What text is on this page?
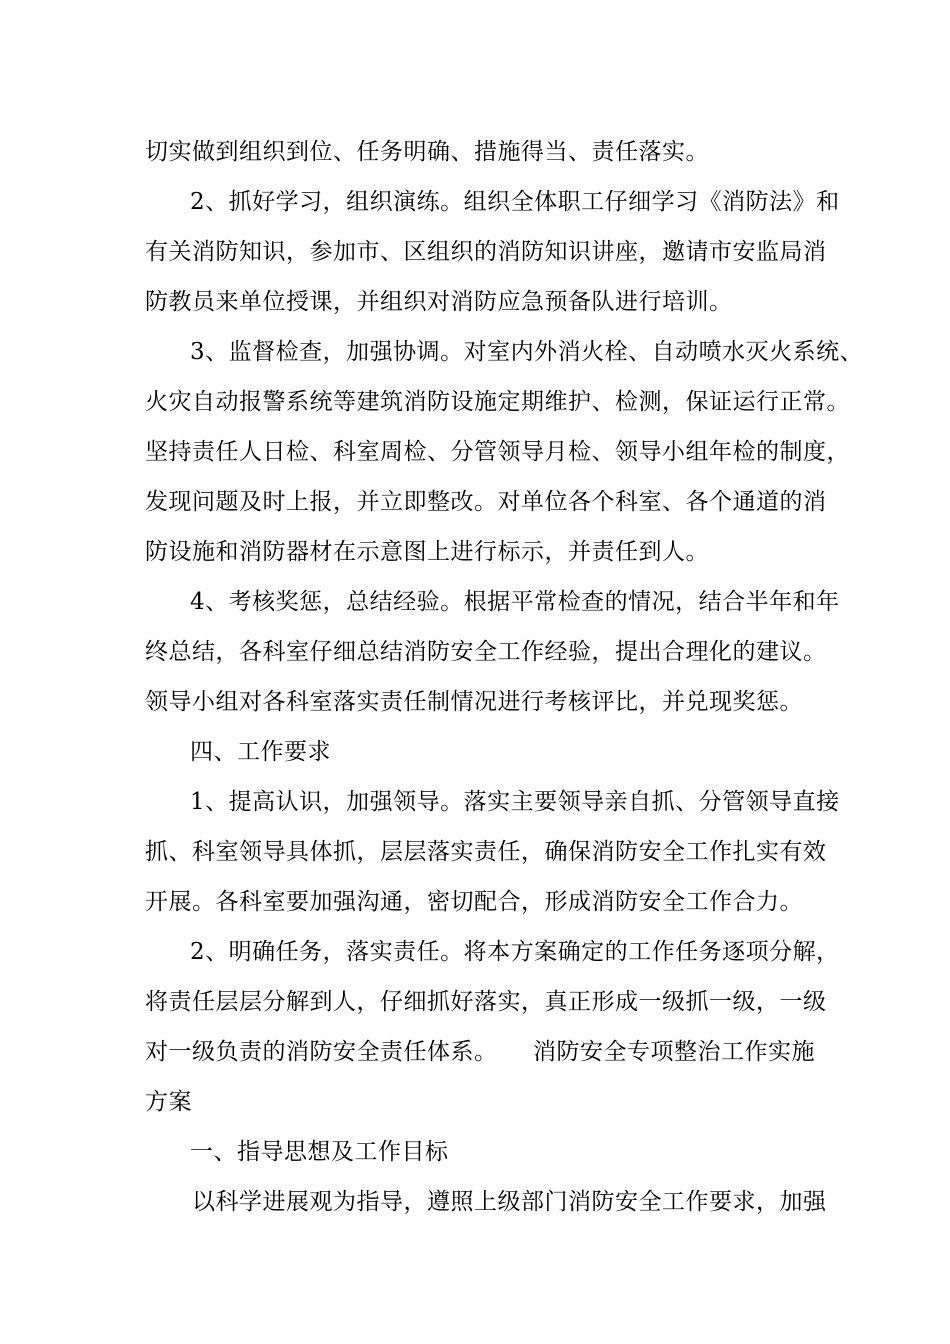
切实做到组织到位、任务明确、措施得当、责任落实。
2、抓好学习，组织演练。组织全体职工仔细学习《消防法》和
有关消防知识，参加市、区组织的消防知识讲座，邀请市安监局消
防教员来单位授课，并组织对消防应急预备队进行培训。
3、监督检查，加强协调。对室内外消火栓、自动喷水灭火系统、
火灾自动报警系统等建筑消防设施定期维护、检测，保证运行正常。
坚持责任人日检、科室周检、分管领导月检、领导小组年检的制度，
发现问题及时上报，并立即整改。对单位各个科室、各个通道的消
防设施和消防器材在示意图上进行标示，并责任到人。
4、考核奖惩，总结经验。根据平常检查的情况，结合半年和年
终总结，各科室仔细总结消防安全工作经验，提出合理化的建议。
领导小组对各科室落实责任制情况进行考核评比，并兑现奖惩。
四、工作要求
1、提高认识，加强领导。落实主要领导亲自抓、分管领导直接
抓、科室领导具体抓，层层落实责任，确保消防安全工作扎实有效
开展。各科室要加强沟通，密切配合，形成消防安全工作合力。
2、明确任务，落实责任。将本方案确定的工作任务逐项分解，
将责任层层分解到人，仔细抓好落实，真正形成一级抓一级，一级
对一级负责的消防安全责任体系。　　消防安全专项整治工作实施
方案
一、指导思想及工作目标
以科学进展观为指导，遵照上级部门消防安全工作要求，加强
